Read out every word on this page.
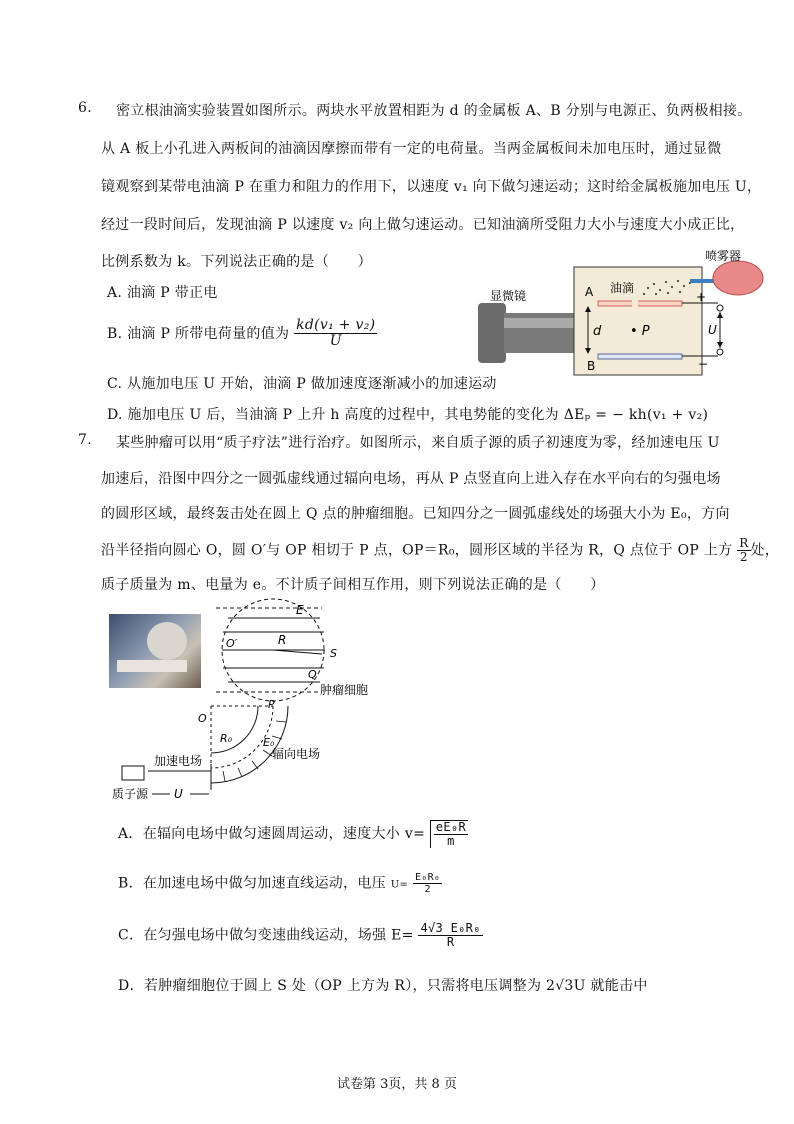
6. 密立根油滴实验装置如图所示。两块水平放置相距为 d 的金属板 A、B 分别与电源正、负两极相接。
从 A 板上小孔进入两板间的油滴因摩擦而带有一定的电荷量。当两金属板间未加电压时，通过显微
镜观察到某带电油滴 P 在重力和阻力的作用下，以速度 v₁ 向下做匀速运动；这时给金属板施加电压 U，
经过一段时间后，发现油滴 P 以速度 v₂ 向上做匀速运动。已知油滴所受阻力大小与速度大小成正比，
比例系数为 k。下列说法正确的是（　　）
A. 油滴 P 带正电
B. 油滴 P 所带电荷量的值为 $\frac{\text{kd(v₁ + v₂)}}{U}$
C. 从施加电压 U 开始，油滴 P 做加速度逐渐减小的加速运动
D. 施加电压 U 后，当油滴 P 上升 h 高度的过程中，其电势能的变化为 ΔEₚ = − kh(v₁ + v₂)
显微镜	A
B
油滴
d • P
喷雾器
+
−
U
7. 某些肿瘤可以用“质子疗法”进行治疗。如图所示，来自质子源的质子初速度为零，经加速电压 U
加速后，沿图中四分之一圆弧虚线通过辐向电场，再从 P 点竖直向上进入存在水平向右的匀强电场
的圆形区域，最终轰击处在圆上 Q 点的肿瘤细胞。已知四分之一圆弧虚线处的场强大小为 E₀，方向
沿半径指向圆心 O，圆 O′与 OP 相切于 P 点，OP＝R₀，圆形区域的半径为 R，Q 点位于 OP 上方 $\frac{R}{2}$ 处，
质子质量为 m、电量为 e。不计质子间相互作用，则下列说法正确的是（　　）
E
O′	R
S
Q
肿瘤细胞
P
O
R₀	E₀
辐向电场
加速电场
质子源 U
A．在辐向电场中做匀速圆周运动，速度大小 $v= \frac{\text{eE₀R}}{m}$
B．在加速电场中做匀加速直线运动，电压 $U= \frac{\text{E₀R₀}}{2}$
C．在匀强电场中做匀变速曲线运动，场强 $E= \frac{\text{4√3 E₀R₀}}{R}$
D．若肿瘤细胞位于圆上 S 处（OP 上方为 R），只需将电压调整为 2√3U 就能击中
试卷第 3页，共 8 页
